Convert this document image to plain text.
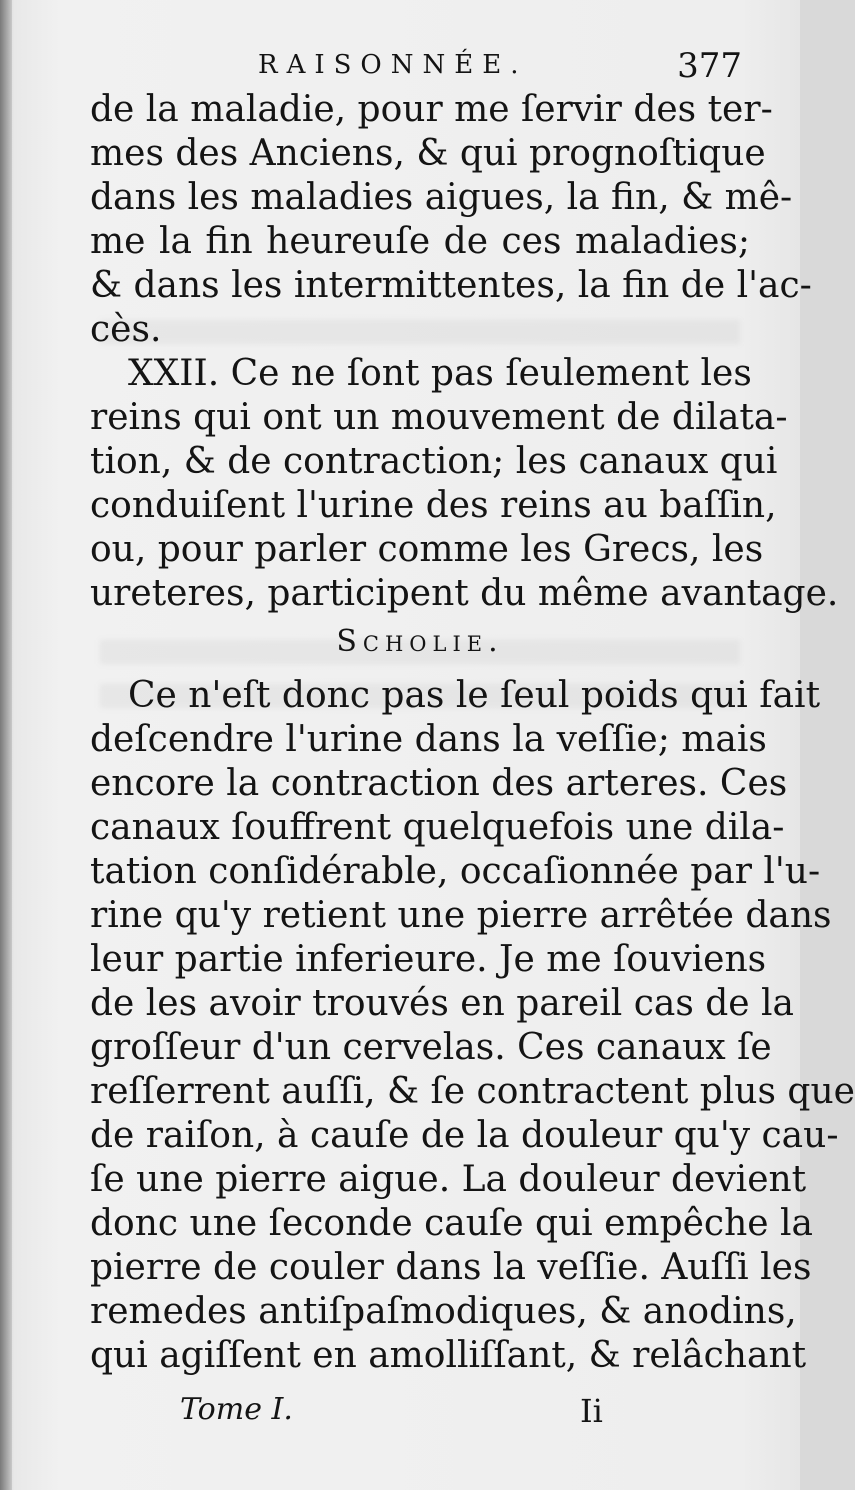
RAISONNÉE.	377
de la maladie, pour me ſervir des ter-
mes des Anciens, & qui prognoſtique
dans les maladies aigues, la fin, & mê-
me la fin heureuſe de ces maladies;
& dans les intermittentes, la fin de l'ac-
cès.
XXII. Ce ne ſont pas ſeulement les
reins qui ont un mouvement de dilata-
tion, & de contraction; les canaux qui
conduiſent l'urine des reins au baſſin,
ou, pour parler comme les Grecs, les
ureteres, participent du même avantage.
Scholie.
Ce n'eſt donc pas le ſeul poids qui fait
deſcendre l'urine dans la veſſie; mais
encore la contraction des arteres. Ces
canaux ſouffrent quelquefois une dila-
tation conſidérable, occaſionnée par l'u-
rine qu'y retient une pierre arrêtée dans
leur partie inferieure. Je me ſouviens
de les avoir trouvés en pareil cas de la
groſſeur d'un cervelas. Ces canaux ſe
reſſerrent auſſi, & ſe contractent plus que
de raiſon, à cauſe de la douleur qu'y cau-
ſe une pierre aigue. La douleur devient
donc une ſeconde cauſe qui empêche la
pierre de couler dans la veſſie. Auſſi les
remedes antiſpaſmodiques, & anodins,
qui agiſſent en amolliſſant, & relâchant
Tome I.	Ii
